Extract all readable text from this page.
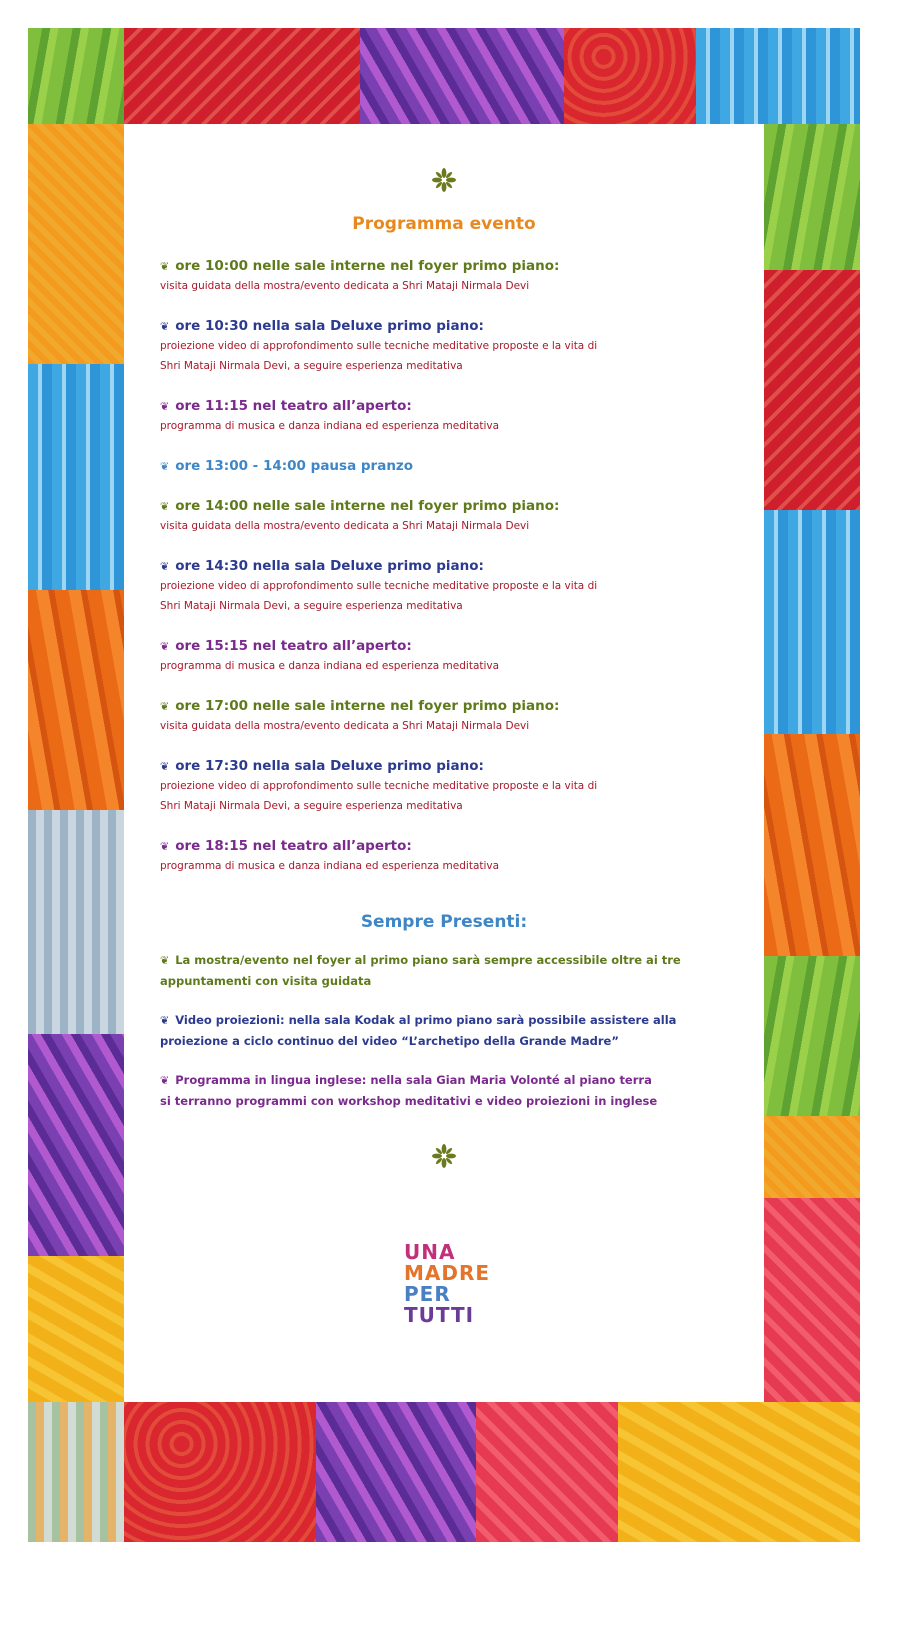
Programma evento
❦ ore 10:00 nelle sale interne nel foyer primo piano:
visita guidata della mostra/evento dedicata a Shri Mataji Nirmala Devi
❦ ore 10:30 nella sala Deluxe primo piano:
proiezione video di approfondimento sulle tecniche meditative proposte e la vita di
Shri Mataji Nirmala Devi, a seguire esperienza meditativa
❦ ore 11:15 nel teatro all’aperto:
programma di musica e danza indiana ed esperienza meditativa
❦ ore 13:00 - 14:00 pausa pranzo
❦ ore 14:00 nelle sale interne nel foyer primo piano:
visita guidata della mostra/evento dedicata a Shri Mataji Nirmala Devi
❦ ore 14:30 nella sala Deluxe primo piano:
proiezione video di approfondimento sulle tecniche meditative proposte e la vita di
Shri Mataji Nirmala Devi, a seguire esperienza meditativa
❦ ore 15:15 nel teatro all’aperto:
programma di musica e danza indiana ed esperienza meditativa
❦ ore 17:00 nelle sale interne nel foyer primo piano:
visita guidata della mostra/evento dedicata a Shri Mataji Nirmala Devi
❦ ore 17:30 nella sala Deluxe primo piano:
proiezione video di approfondimento sulle tecniche meditative proposte e la vita di
Shri Mataji Nirmala Devi, a seguire esperienza meditativa
❦ ore 18:15 nel teatro all’aperto:
programma di musica e danza indiana ed esperienza meditativa
Sempre Presenti:
❦ La mostra/evento nel foyer al primo piano sarà sempre accessibile oltre ai tre
appuntamenti con visita guidata
❦ Video proiezioni: nella sala Kodak al primo piano sarà possibile assistere alla
proiezione a ciclo continuo del video “L’archetipo della Grande Madre”
❦ Programma in lingua inglese: nella sala Gian Maria Volonté al piano terra
si terranno programmi con workshop meditativi e video proiezioni in inglese
UNA
MADRE
PER
TUTTI
